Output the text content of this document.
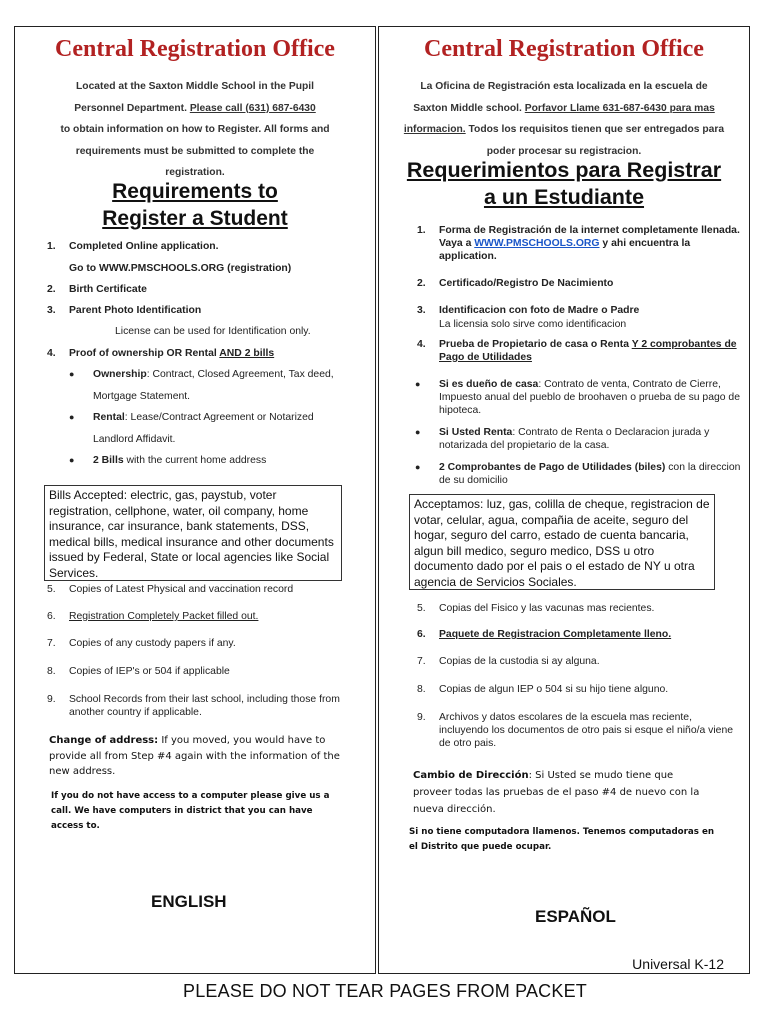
Central Registration Office
Located at the Saxton Middle School in the Pupil
Personnel Department. Please call (631) 687-6430
to obtain information on how to Register. All forms and
requirements must be submitted to complete the
registration.
Requirements to
Register a Student
1. Completed Online application.
Go to WWW.PMSCHOOLS.ORG (registration)
2. Birth Certificate
3. Parent Photo Identification
License can be used for Identification only.
4. Proof of ownership OR Rental AND 2 bills
● Ownership: Contract, Closed Agreement, Tax deed,
Mortgage Statement.
● Rental: Lease/Contract Agreement or Notarized
Landlord Affidavit.
● 2 Bills with the current home address
Bills Accepted: electric, gas, paystub, voter registration, cellphone, water, oil company, home insurance, car insurance, bank statements, DSS, medical bills, medical insurance and other documents issued by Federal, State or local agencies like Social Services.
5. Copies of Latest Physical and vaccination record
6. Registration Completely Packet filled out.
7. Copies of any custody papers if any.
8. Copies of IEP's or 504 if applicable
9. School Records from their last school, including those from another country if applicable.
Change of address: If you moved, you would have to provide all from Step #4 again with the information of the new address.
If you do not have access to a computer please give us a call. We have computers in district that you can have access to.
ENGLISH
Central Registration Office
La Oficina de Registración esta localizada en la escuela de
Saxton Middle school. Porfavor Llame 631-687-6430 para mas
informacion. Todos los requisitos tienen que ser entregados para
poder procesar su registracion.
Requerimientos para Registrar
a un Estudiante
1. Forma de Registración de la internet completamente llenada. Vaya a WWW.PMSCHOOLS.ORG y ahi encuentra la application.
2. Certificado/Registro De Nacimiento
3. Identificacion con foto de Madre o Padre
La licensia solo sirve como identificacion
4. Prueba de Propietario de casa o Renta Y 2 comprobantes de Pago de Utilidades
● Si es dueño de casa: Contrato de venta, Contrato de Cierre, Impuesto anual del pueblo de broohaven o prueba de su pago de hipoteca.
● Si Usted Renta: Contrato de Renta o Declaracion jurada y notarizada del propietario de la casa.
● 2 Comprobantes de Pago de Utilidades (biles) con la direccion de su domicilio
Acceptamos: luz, gas, colilla de cheque, registracion de votar, celular, agua, compañia de aceite, seguro del hogar, seguro del carro, estado de cuenta bancaria, algun bill medico, seguro medico, DSS u otro documento dado por el pais o el estado de NY u otra agencia de Servicios Sociales.
5. Copias del Fisico y las vacunas mas recientes.
6. Paquete de Registracion Completamente lleno.
7. Copias de la custodia si ay alguna.
8. Copias de algun IEP o 504 si su hijo tiene alguno.
9. Archivos y datos escolares de la escuela mas reciente, incluyendo los documentos de otro pais si esque el niño/a viene de otro pais.
Cambio de Dirección: Si Usted se mudo tiene que proveer todas las pruebas de el paso #4 de nuevo con la nueva dirección.
Si no tiene computadora llamenos. Tenemos computadoras en el Distrito que puede ocupar.
ESPAÑOL
Universal K-12
PLEASE DO NOT TEAR PAGES FROM PACKET
